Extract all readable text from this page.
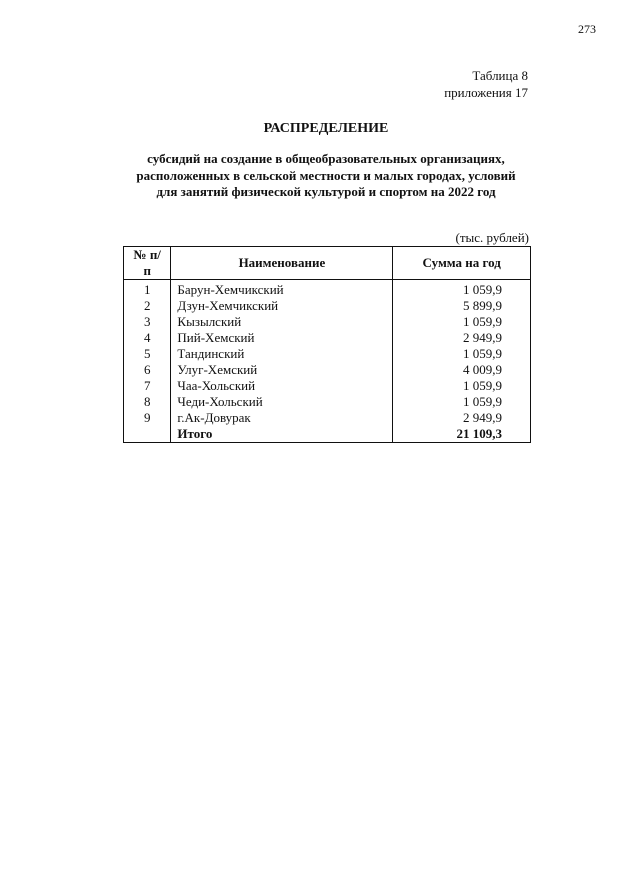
273
Таблица 8
приложения 17
РАСПРЕДЕЛЕНИЕ
субсидий на создание в общеобразовательных организациях,
расположенных в сельской местности и малых городах, условий
для занятий физической культурой и спортом на 2022 год
(тыс. рублей)
№ п/п	Наименование	Сумма на год
1	Барун-Хемчикский	1 059,9
2	Дзун-Хемчикский	5 899,9
3	Кызылский	1 059,9
4	Пий-Хемский	2 949,9
5	Тандинский	1 059,9
6	Улуг-Хемский	4 009,9
7	Чаа-Хольский	1 059,9
8	Чеди-Хольский	1 059,9
9	г.Ак-Довурак	2 949,9
	Итого	21 109,3
